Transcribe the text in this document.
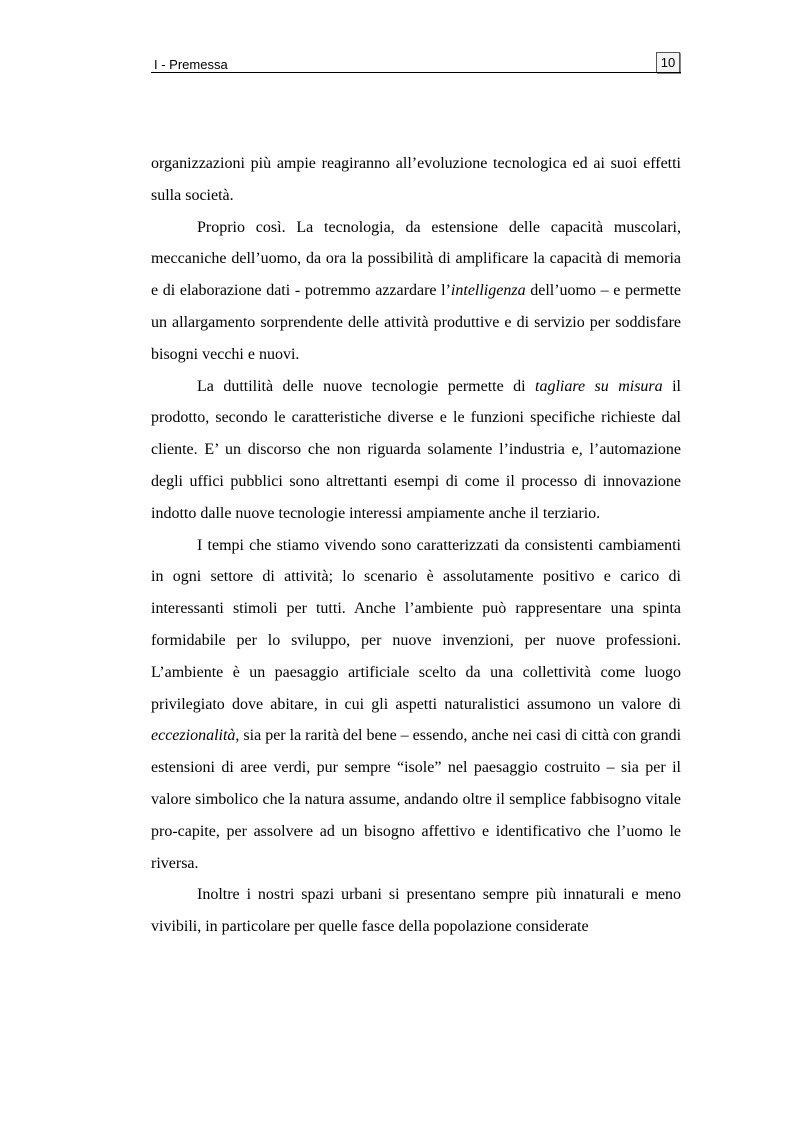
I - Premessa	10

organizzazioni più ampie reagiranno all’evoluzione tecnologica ed ai suoi effetti sulla società.

Proprio così. La tecnologia, da estensione delle capacità muscolari, meccaniche dell’uomo, da ora la possibilità di amplificare la capacità di memoria e di elaborazione dati - potremmo azzardare l’intelligenza dell’uomo – e permette un allargamento sorprendente delle attività produttive e di servizio per soddisfare bisogni vecchi e nuovi.

La duttilità delle nuove tecnologie permette di tagliare su misura il prodotto, secondo le caratteristiche diverse e le funzioni specifiche richieste dal cliente. E’ un discorso che non riguarda solamente l’industria e, l’automazione degli uffici pubblici sono altrettanti esempi di come il processo di innovazione indotto dalle nuove tecnologie interessi ampiamente anche il terziario.

I tempi che stiamo vivendo sono caratterizzati da consistenti cambiamenti in ogni settore di attività; lo scenario è assolutamente positivo e carico di interessanti stimoli per tutti. Anche l’ambiente può rappresentare una spinta formidabile per lo sviluppo, per nuove invenzioni, per nuove professioni. L’ambiente è un paesaggio artificiale scelto da una collettività come luogo privilegiato dove abitare, in cui gli aspetti naturalistici assumono un valore di eccezionalità, sia per la rarità del bene – essendo, anche nei casi di città con grandi estensioni di aree verdi, pur sempre “isole” nel paesaggio costruito – sia per il valore simbolico che la natura assume, andando oltre il semplice fabbisogno vitale pro-capite, per assolvere ad un bisogno affettivo e identificativo che l’uomo le riversa.

Inoltre i nostri spazi urbani si presentano sempre più innaturali e meno vivibili, in particolare per quelle fasce della popolazione considerate
